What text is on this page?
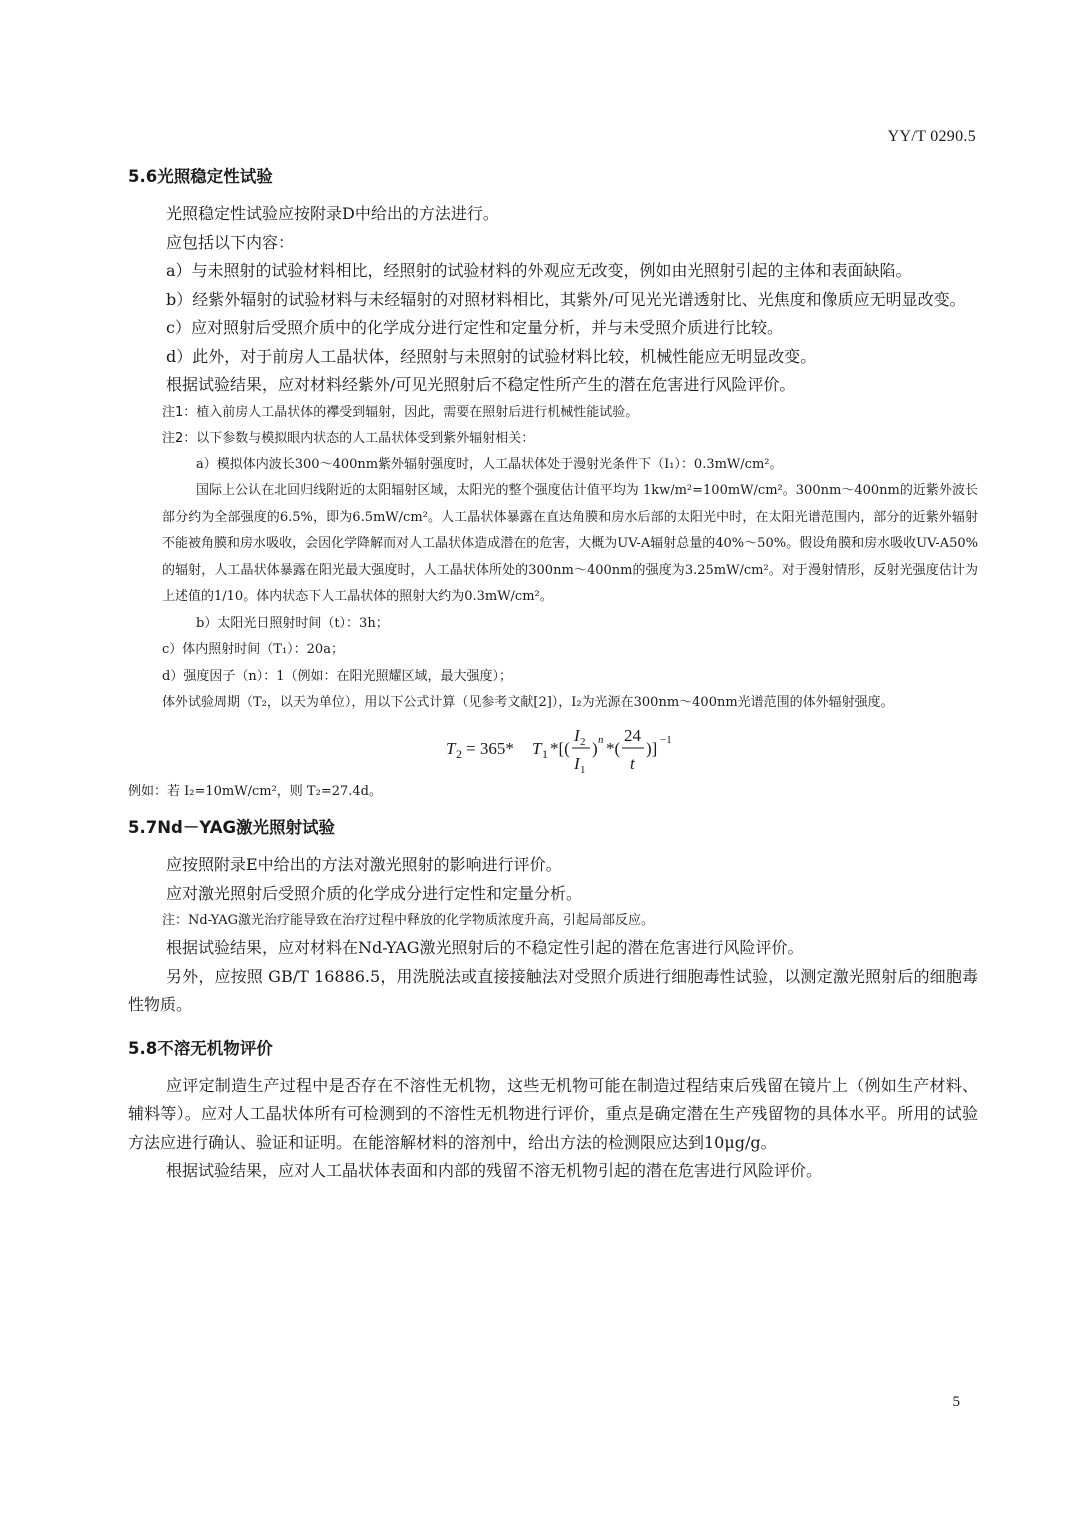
YY/T 0290.5
5.6光照稳定性试验

光照稳定性试验应按附录D中给出的方法进行。

应包括以下内容：

a）与未照射的试验材料相比，经照射的试验材料的外观应无改变，例如由光照射引起的主体和表面缺陷。

b）经紫外辐射的试验材料与未经辐射的对照材料相比，其紫外/可见光光谱透射比、光焦度和像质应无明显改变。

c）应对照射后受照介质中的化学成分进行定性和定量分析，并与未受照介质进行比较。

d）此外，对于前房人工晶状体，经照射与未照射的试验材料比较，机械性能应无明显改变。

根据试验结果，应对材料经紫外/可见光照射后不稳定性所产生的潜在危害进行风险评价。

注1：植入前房人工晶状体的襻受到辐射，因此，需要在照射后进行机械性能试验。

注2：以下参数与模拟眼内状态的人工晶状体受到紫外辐射相关：

a）模拟体内波长300～400nm紫外辐射强度时，人工晶状体处于漫射光条件下（I₁）：0.3mW/cm²。

国际上公认在北回归线附近的太阳辐射区域，太阳光的整个强度估计值平均为 1kw/m²=100mW/cm²。300nm～400nm的近紫外波长部分约为全部强度的6.5%，即为6.5mW/cm²。人工晶状体暴露在直达角膜和房水后部的太阳光中时，在太阳光谱范围内，部分的近紫外辐射不能被角膜和房水吸收，会因化学降解而对人工晶状体造成潜在的危害，大概为UV-A辐射总量的40%～50%。假设角膜和房水吸收UV-A50%的辐射，人工晶状体暴露在阳光最大强度时，人工晶状体所处的300nm～400nm的强度为3.25mW/cm²。对于漫射情形，反射光强度估计为上述值的1/10。体内状态下人工晶状体的照射大约为0.3mW/cm²。

b）太阳光日照射时间（t）：3h；

c）体内照射时间（T₁）：20a；

d）强度因子（n）：1（例如：在阳光照耀区域，最大强度）；

体外试验周期（T₂，以天为单位），用以下公式计算（见参考文献[2]），I₂为光源在300nm～400nm光谱范围的体外辐射强度。

T 2 = 365* T 1 *[(
I 2
I 1
) n *(
24
t
)] −1

例如：若 I₂=10mW/cm²，则 T₂=27.4d。

5.7Nd－YAG激光照射试验

应按照附录E中给出的方法对激光照射的影响进行评价。

应对激光照射后受照介质的化学成分进行定性和定量分析。

注：Nd-YAG激光治疗能导致在治疗过程中释放的化学物质浓度升高，引起局部反应。

根据试验结果，应对材料在Nd-YAG激光照射后的不稳定性引起的潜在危害进行风险评价。

另外，应按照 GB/T 16886.5，用洗脱法或直接接触法对受照介质进行细胞毒性试验，以测定激光照射后的细胞毒性物质。

5.8不溶无机物评价

应评定制造生产过程中是否存在不溶性无机物，这些无机物可能在制造过程结束后残留在镜片上（例如生产材料、辅料等）。应对人工晶状体所有可检测到的不溶性无机物进行评价，重点是确定潜在生产残留物的具体水平。所用的试验方法应进行确认、验证和证明。在能溶解材料的溶剂中，给出方法的检测限应达到10μg/g。

根据试验结果，应对人工晶状体表面和内部的残留不溶无机物引起的潜在危害进行风险评价。

5
